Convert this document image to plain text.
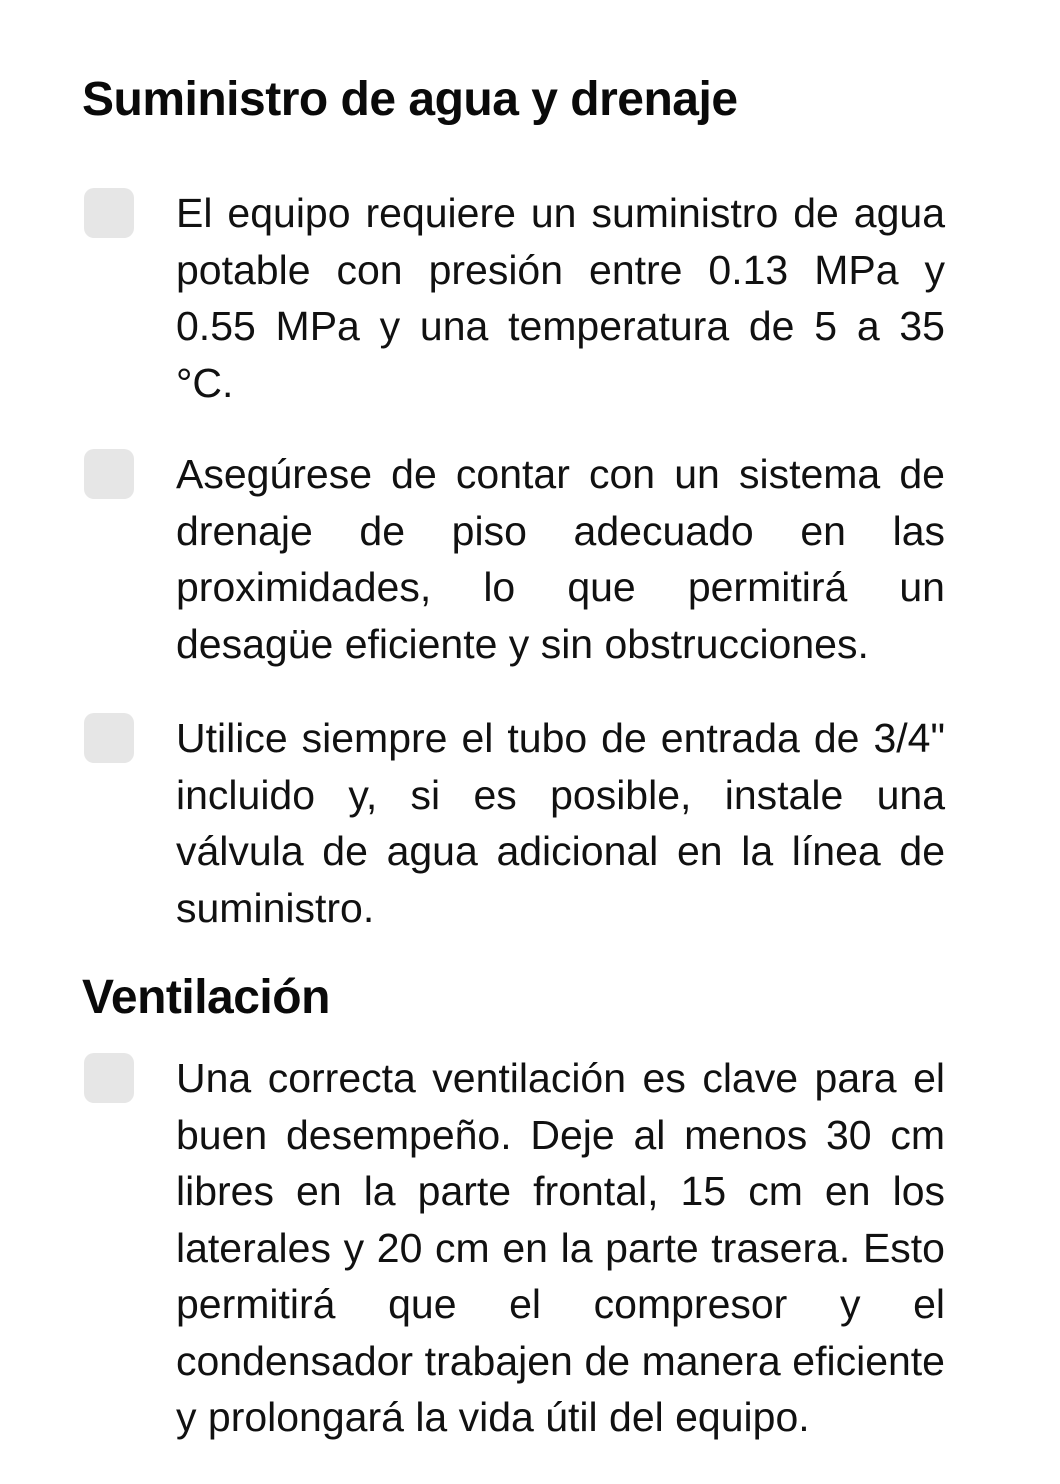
Suministro de agua y drenaje

El equipo requiere un suministro de agua potable con presión entre 0.13 MPa y 0.55 MPa y una temperatura de 5 a 35 °C.

Asegúrese de contar con un sistema de drenaje de piso adecuado en las proximidades, lo que permitirá un desagüe eficiente y sin obstrucciones.

Utilice siempre el tubo de entrada de 3/4" incluido y, si es posible, instale una válvula de agua adicional en la línea de suministro.

Ventilación

Una correcta ventilación es clave para el buen desempeño. Deje al menos 30 cm libres en la parte frontal, 15 cm en los laterales y 20 cm en la parte trasera. Esto permitirá que el compresor y el condensador trabajen de manera eficiente y prolongará la vida útil del equipo.
